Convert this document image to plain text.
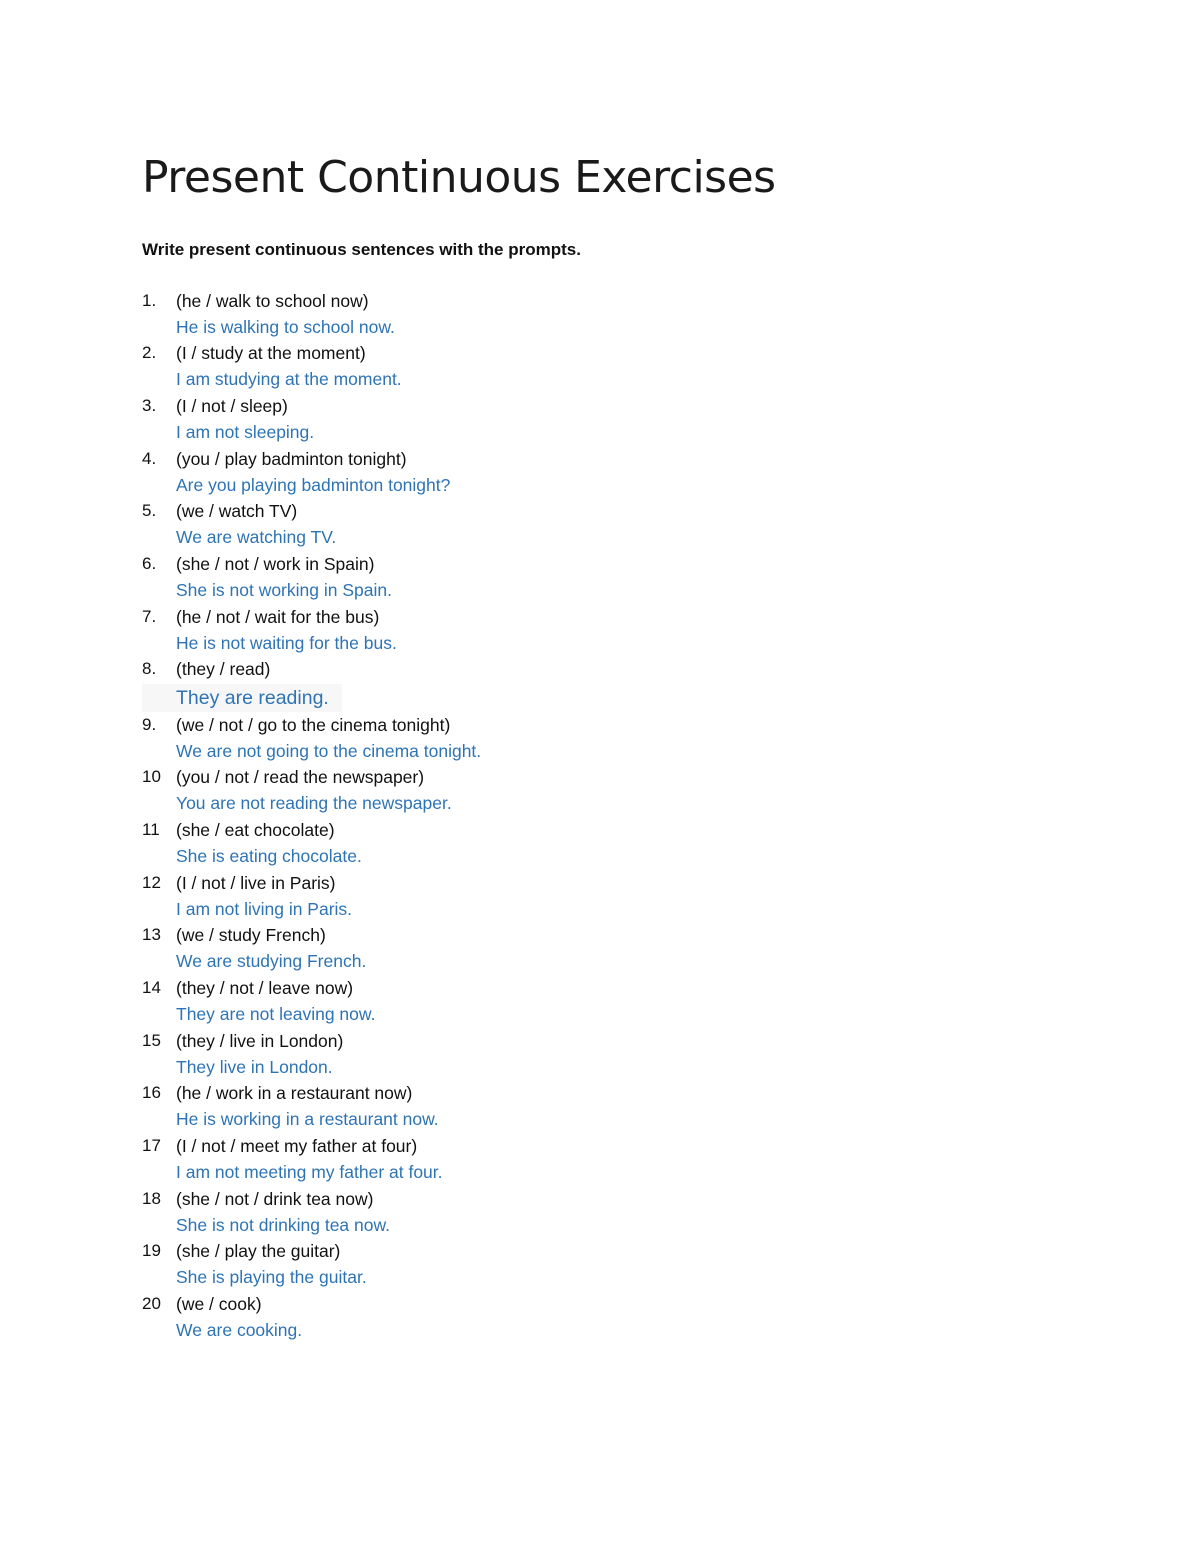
Present Continuous Exercises

Write present continuous sentences with the prompts.

1. (he / walk to school now)
He is walking to school now.
2. (I / study at the moment)
I am studying at the moment.
3. (I / not / sleep)
I am not sleeping.
4. (you / play badminton tonight)
Are you playing badminton tonight?
5. (we / watch TV)
We are watching TV.
6. (she / not / work in Spain)
She is not working in Spain.
7. (he / not / wait for the bus)
He is not waiting for the bus.
8. (they / read)
They are reading.
9. (we / not / go to the cinema tonight)
We are not going to the cinema tonight.
10 (you / not / read the newspaper)
You are not reading the newspaper.
11 (she / eat chocolate)
She is eating chocolate.
12 (I / not / live in Paris)
I am not living in Paris.
13 (we / study French)
We are studying French.
14 (they / not / leave now)
They are not leaving now.
15 (they / live in London)
They live in London.
16 (he / work in a restaurant now)
He is working in a restaurant now.
17 (I / not / meet my father at four)
I am not meeting my father at four.
18 (she / not / drink tea now)
She is not drinking tea now.
19 (she / play the guitar)
She is playing the guitar.
20 (we / cook)
We are cooking.
